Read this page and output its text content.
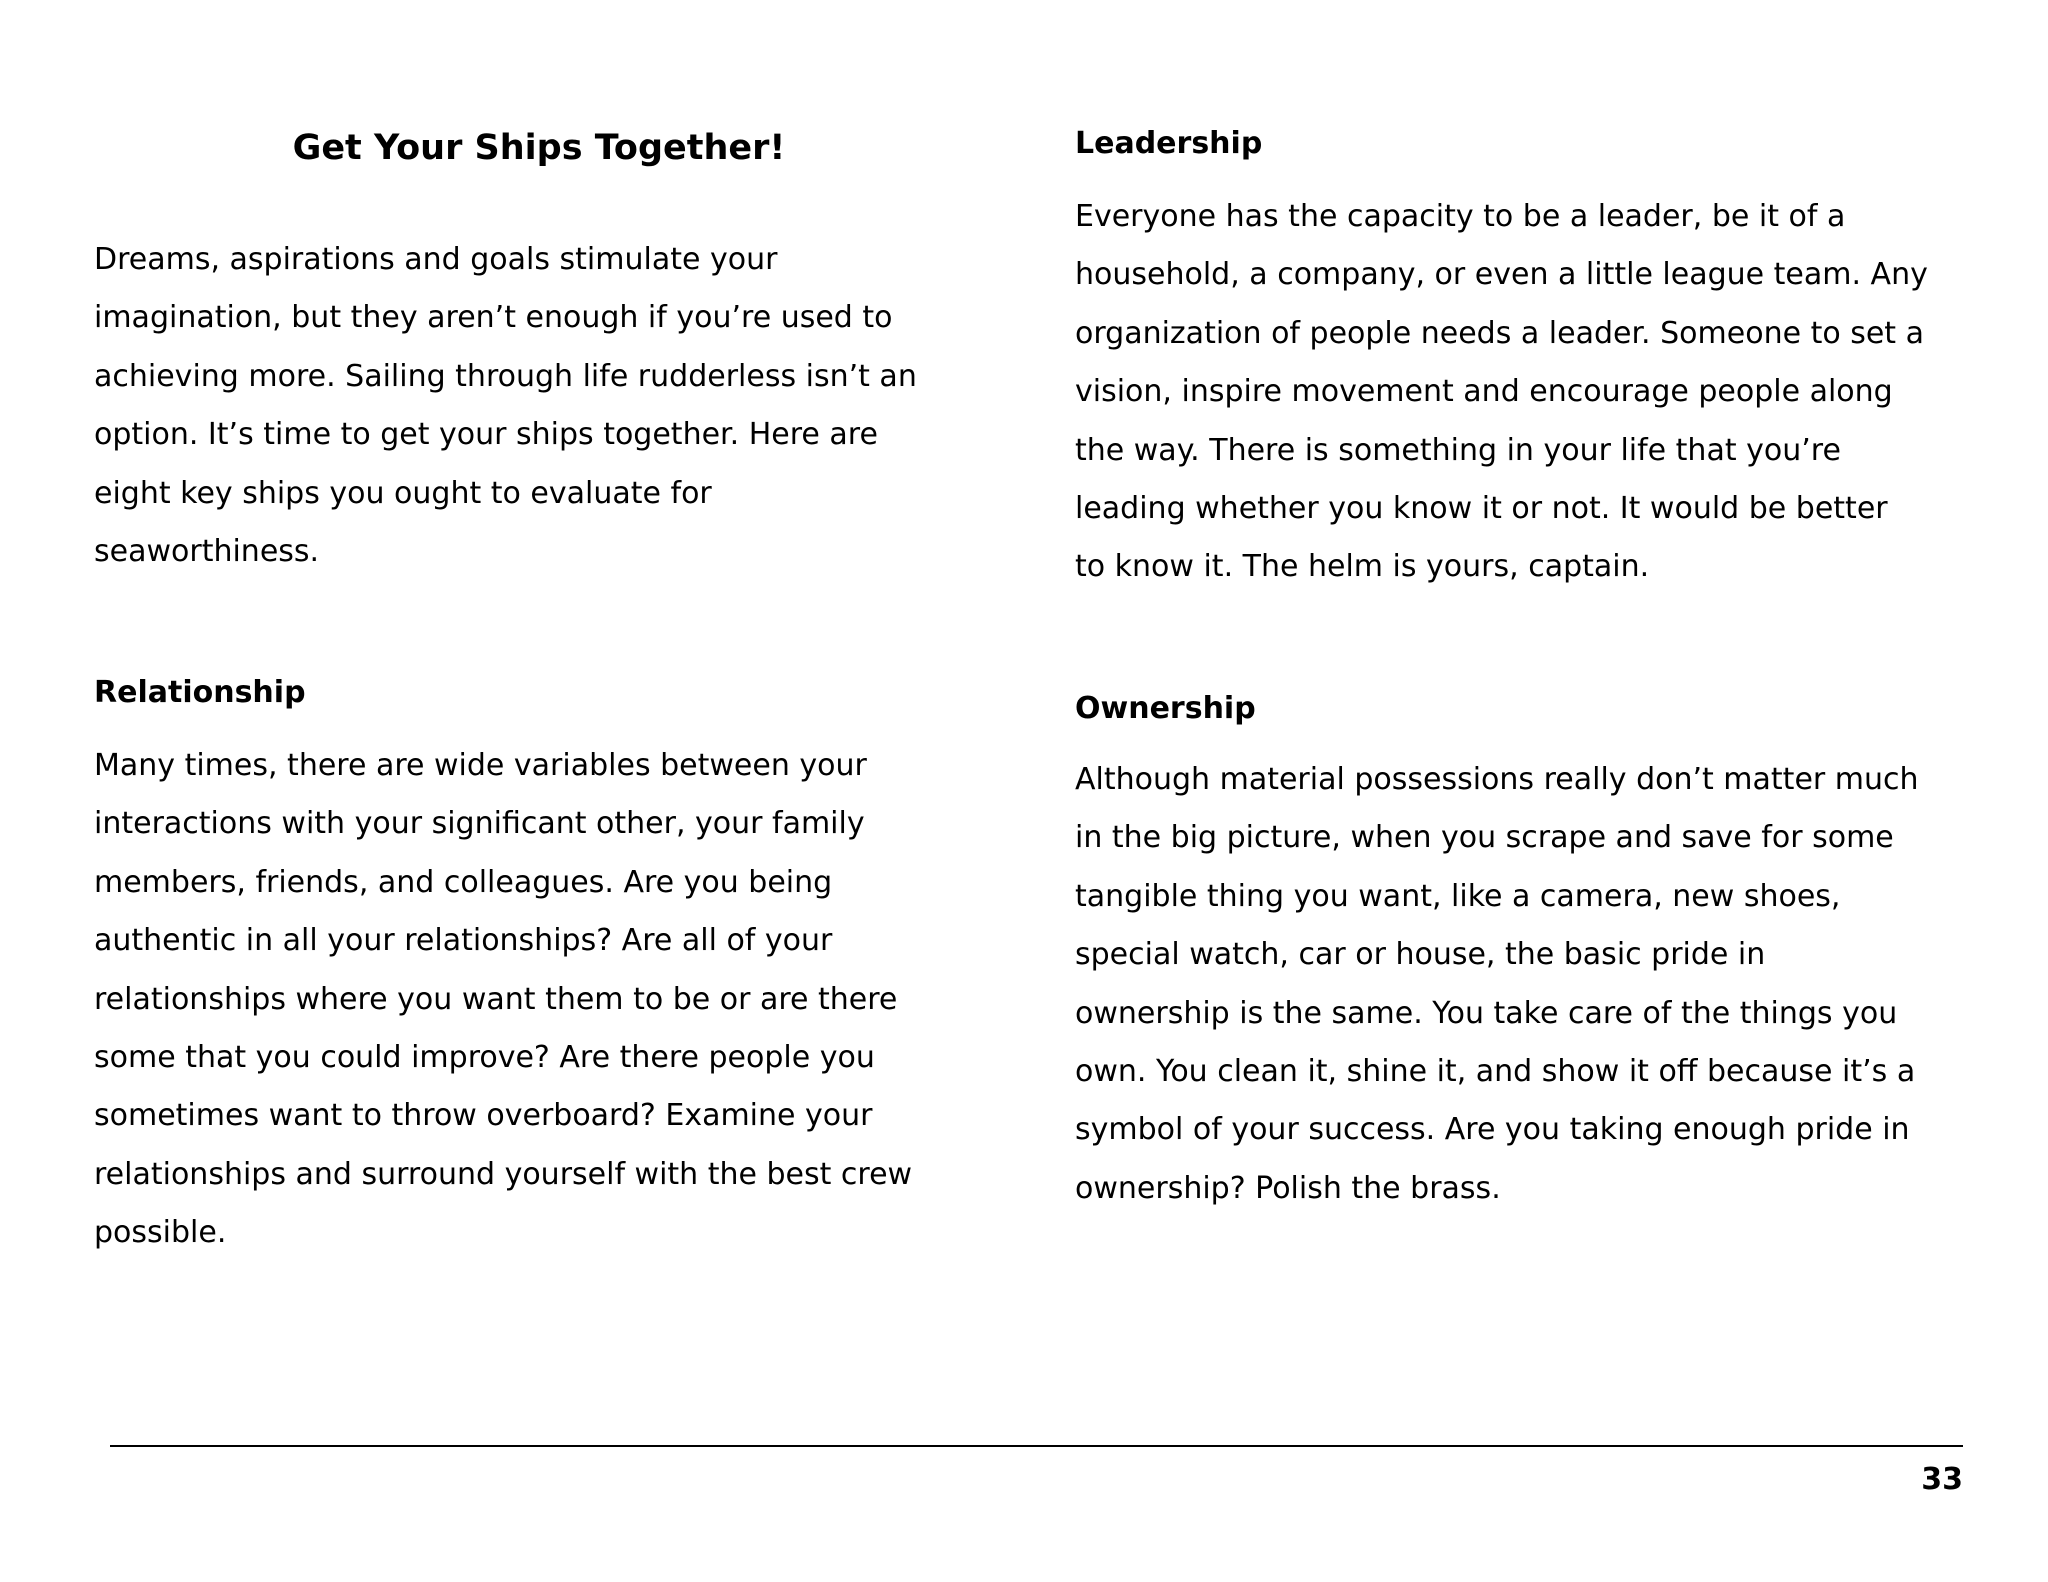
Get Your Ships Together!

Dreams, aspirations and goals stimulate your
imagination, but they aren’t enough if you’re used to
achieving more. Sailing through life rudderless isn’t an
option. It’s time to get your ships together. Here are
eight key ships you ought to evaluate for
seaworthiness.

Relationship

Many times, there are wide variables between your
interactions with your significant other, your family
members, friends, and colleagues. Are you being
authentic in all your relationships? Are all of your
relationships where you want them to be or are there
some that you could improve? Are there people you
sometimes want to throw overboard? Examine your
relationships and surround yourself with the best crew
possible.

Leadership

Everyone has the capacity to be a leader, be it of a
household, a company, or even a little league team. Any
organization of people needs a leader. Someone to set a
vision, inspire movement and encourage people along
the way. There is something in your life that you’re
leading whether you know it or not. It would be better
to know it. The helm is yours, captain.

Ownership

Although material possessions really don’t matter much
in the big picture, when you scrape and save for some
tangible thing you want, like a camera, new shoes,
special watch, car or house, the basic pride in
ownership is the same. You take care of the things you
own. You clean it, shine it, and show it off because it’s a
symbol of your success. Are you taking enough pride in
ownership? Polish the brass.

33
